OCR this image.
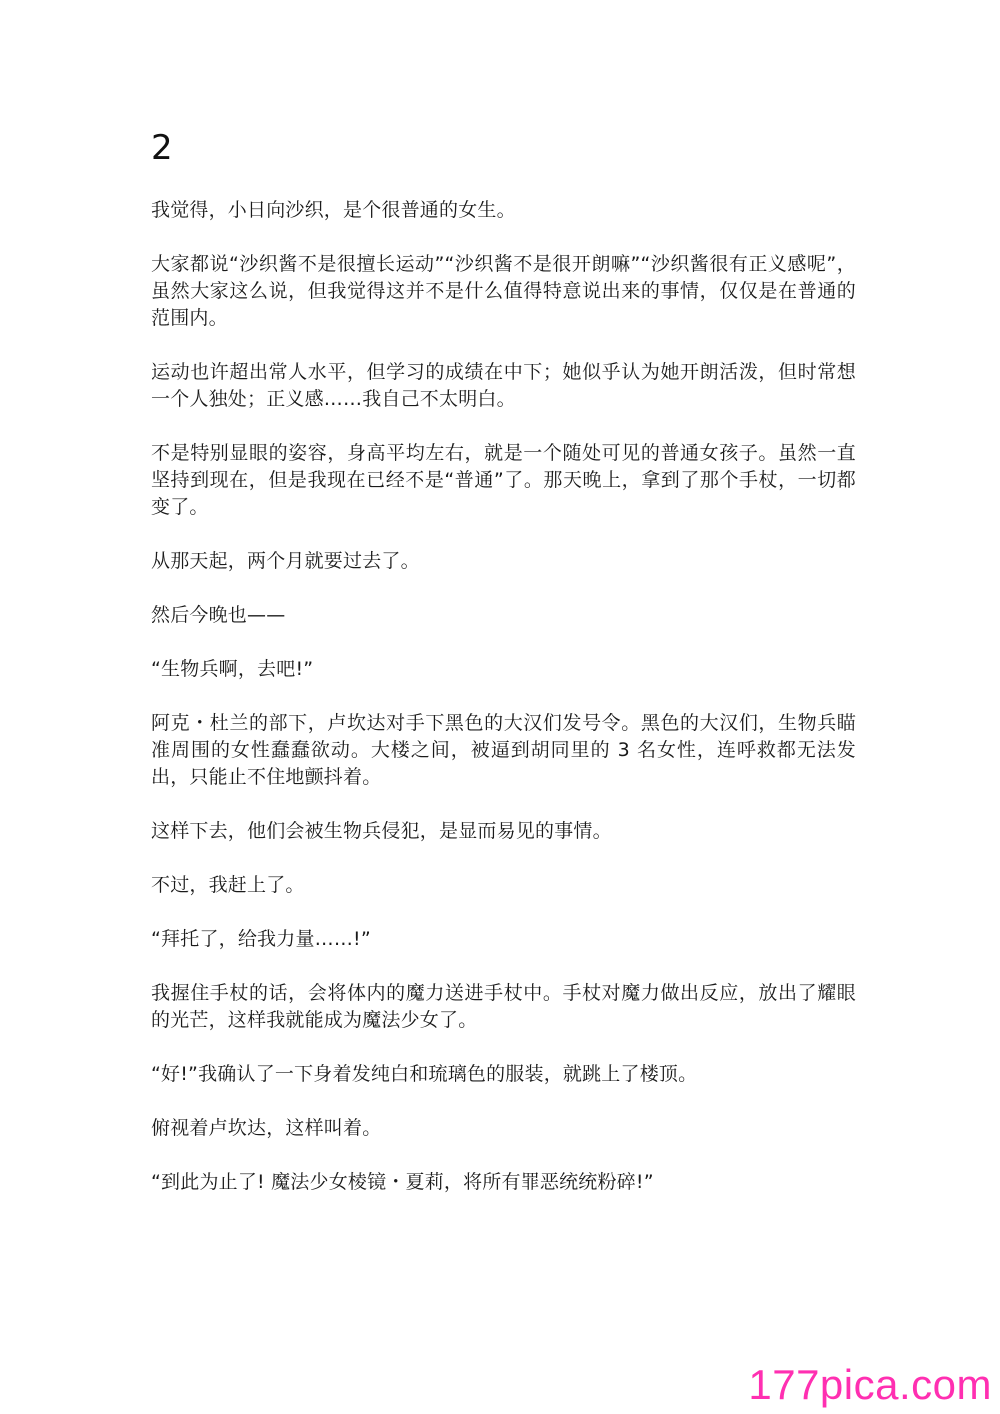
2

我觉得，小日向沙织，是个很普通的女生。

大家都说“沙织酱不是很擅长运动”“沙织酱不是很开朗嘛”“沙织酱很有正义感呢”，虽然大家这么说，但我觉得这并不是什么值得特意说出来的事情，仅仅是在普通的范围内。

运动也许超出常人水平，但学习的成绩在中下；她似乎认为她开朗活泼，但时常想一个人独处；正义感……我自己不太明白。

不是特别显眼的姿容，身高平均左右，就是一个随处可见的普通女孩子。虽然一直坚持到现在，但是我现在已经不是“普通”了。那天晚上，拿到了那个手杖，一切都变了。

从那天起，两个月就要过去了。

然后今晚也——

“生物兵啊，去吧!”

阿克・杜兰的部下，卢坎达对手下黑色的大汉们发号令。黑色的大汉们，生物兵瞄准周围的女性蠢蠢欲动。大楼之间，被逼到胡同里的 3 名女性，连呼救都无法发出，只能止不住地颤抖着。

这样下去，他们会被生物兵侵犯，是显而易见的事情。

不过，我赶上了。

“拜托了，给我力量……!”

我握住手杖的话，会将体内的魔力送进手杖中。手杖对魔力做出反应，放出了耀眼的光芒，这样我就能成为魔法少女了。

“好!”我确认了一下身着发纯白和琉璃色的服装，就跳上了楼顶。

俯视着卢坎达，这样叫着。

“到此为止了! 魔法少女棱镜・夏莉，将所有罪恶统统粉碎!”

177pica.com
